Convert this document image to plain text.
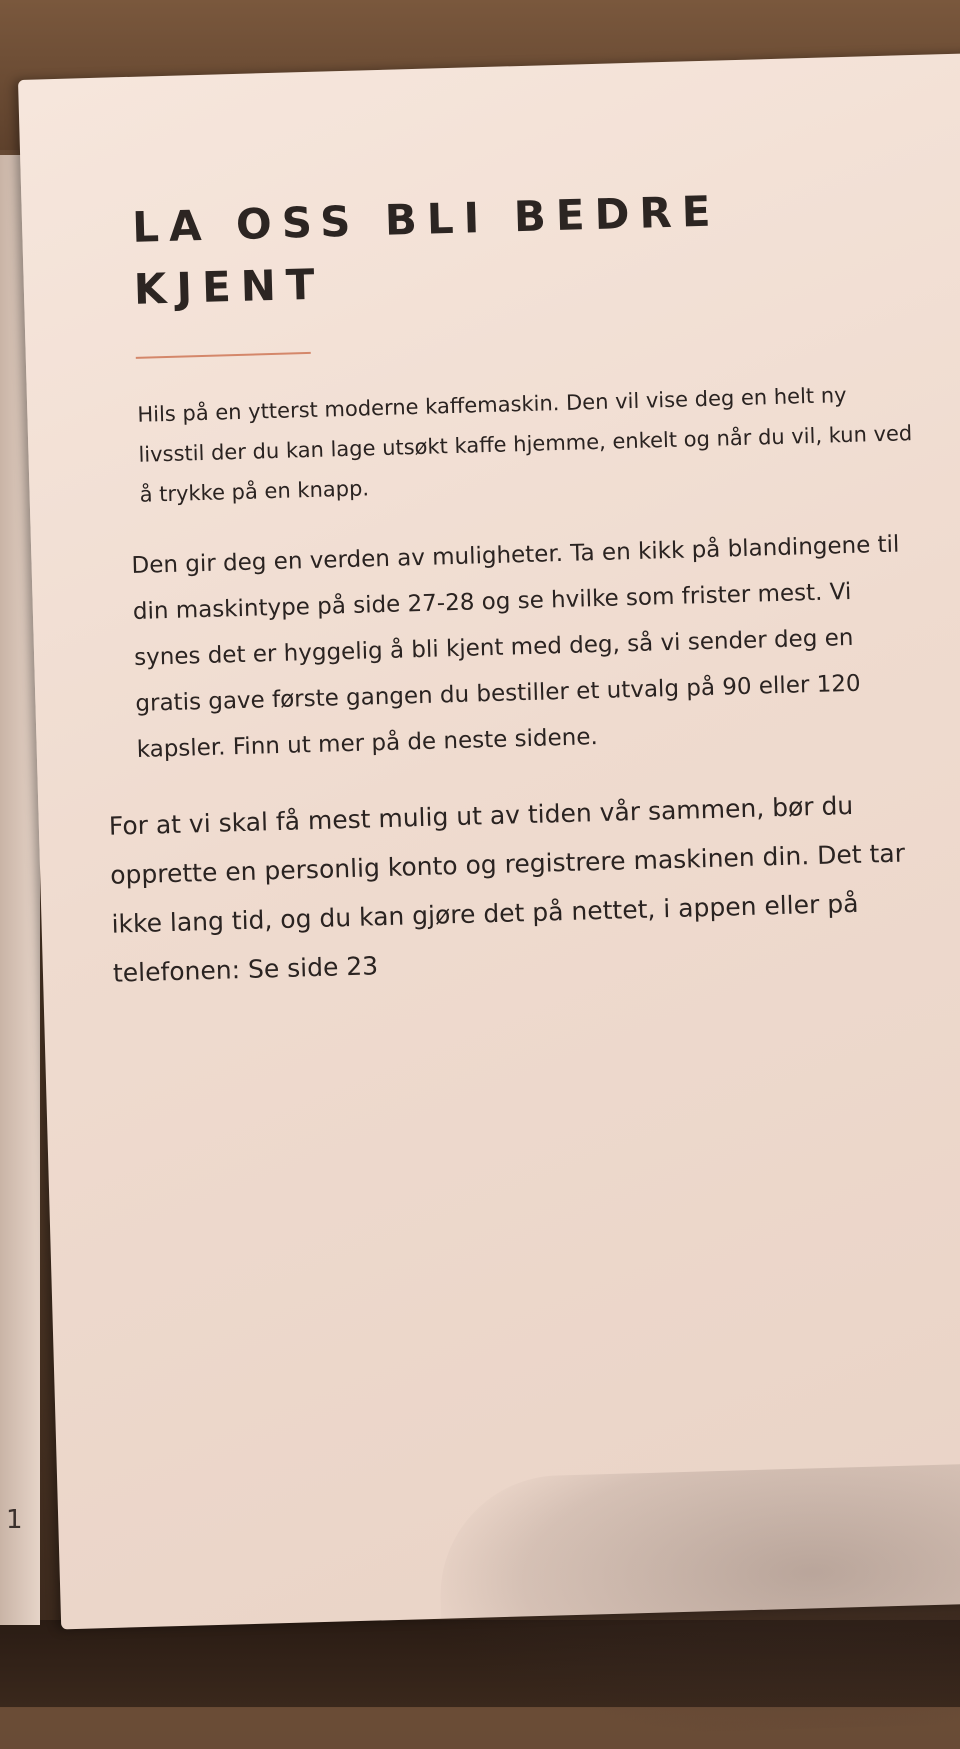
LA OSS BLI BEDRE
KJENT

Hils på en ytterst moderne kaffemaskin. Den vil vise deg en helt ny livsstil der du kan lage utsøkt kaffe hjemme, enkelt og når du vil, kun ved å trykke på en knapp.

Den gir deg en verden av muligheter. Ta en kikk på blandingene til din maskintype på side 27-28 og se hvilke som frister mest. Vi synes det er hyggelig å bli kjent med deg, så vi sender deg en gratis gave første gangen du bestiller et utvalg på 90 eller 120 kapsler. Finn ut mer på de neste sidene.

For at vi skal få mest mulig ut av tiden vår sammen, bør du opprette en personlig konto og registrere maskinen din. Det tar ikke lang tid, og du kan gjøre det på nettet, i appen eller på telefonen: Se side 23

1
